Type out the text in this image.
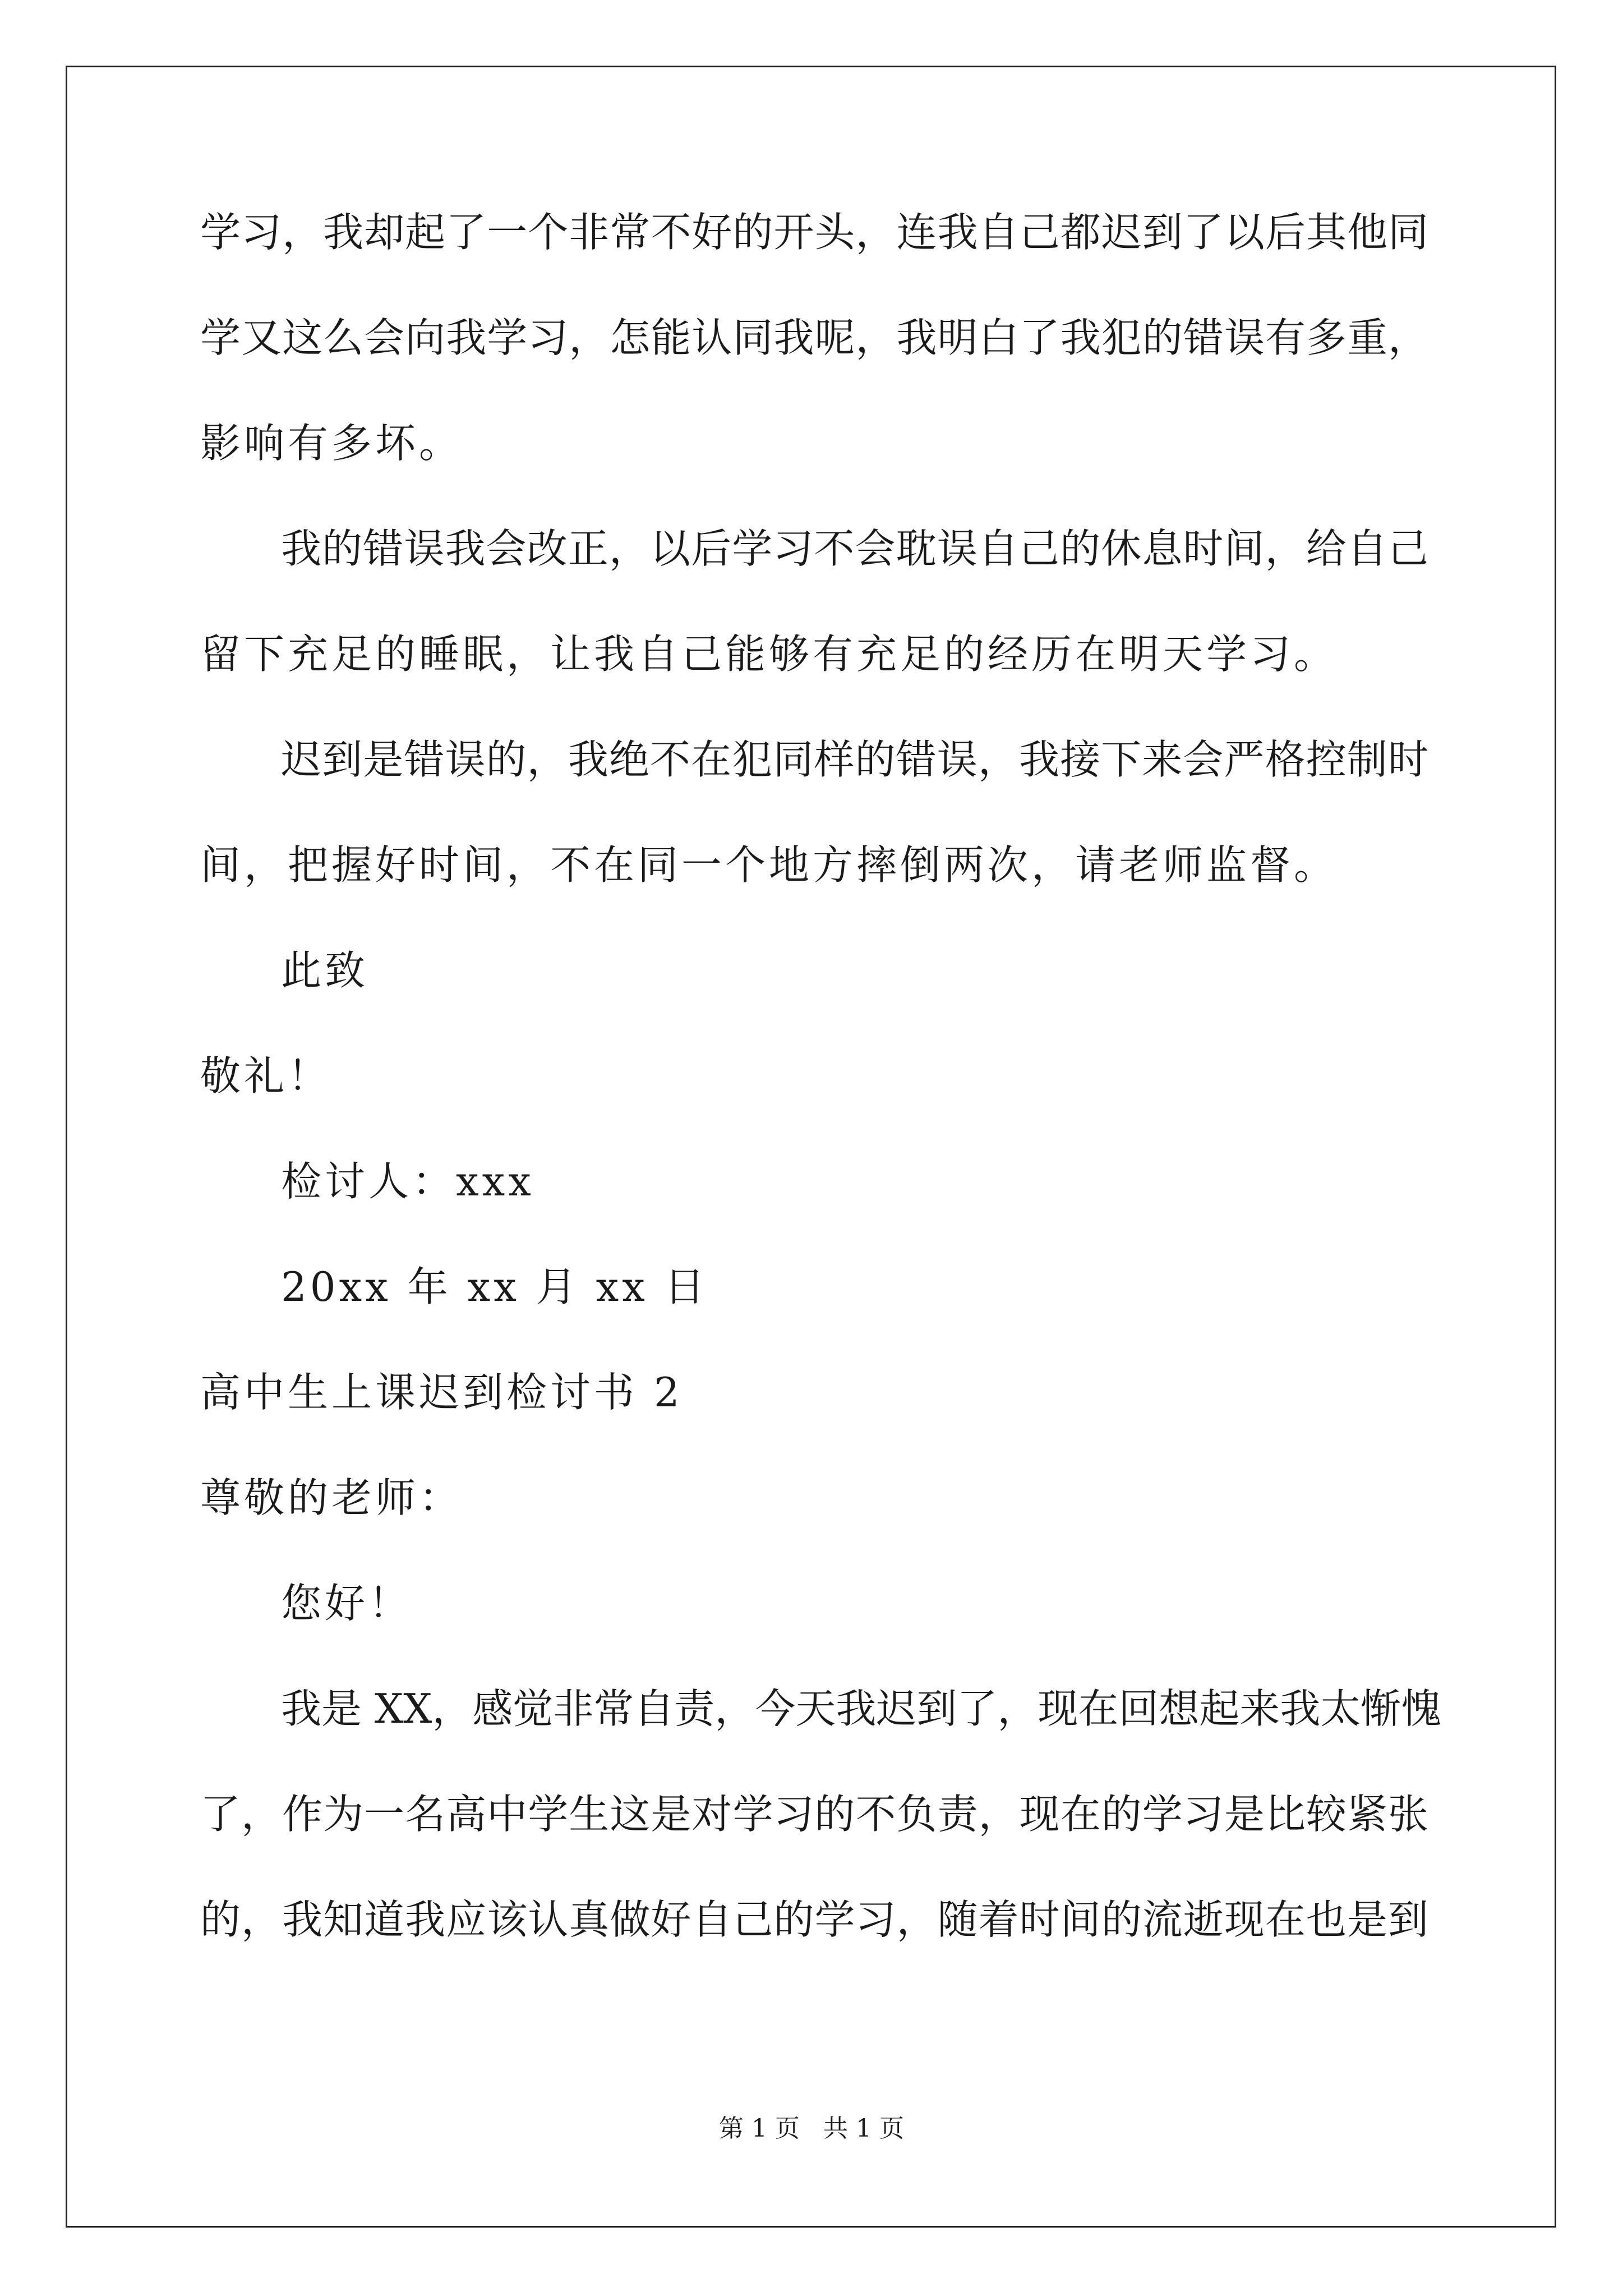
学习，我却起了一个非常不好的开头，连我自己都迟到了以后其他同
学又这么会向我学习，怎能认同我呢，我明白了我犯的错误有多重，
影响有多坏。
我的错误我会改正，以后学习不会耽误自己的休息时间，给自己
留下充足的睡眠，让我自己能够有充足的经历在明天学习。
迟到是错误的，我绝不在犯同样的错误，我接下来会严格控制时
间，把握好时间，不在同一个地方摔倒两次，请老师监督。
此致
敬礼！
检讨人：xxx
20xx 年 xx 月 xx 日
高中生上课迟到检讨书 2
尊敬的老师：
您好！
我是 XX，感觉非常自责，今天我迟到了，现在回想起来我太惭愧
了，作为一名高中学生这是对学习的不负责，现在的学习是比较紧张
的，我知道我应该认真做好自己的学习，随着时间的流逝现在也是到
第 1 页   共 1 页
